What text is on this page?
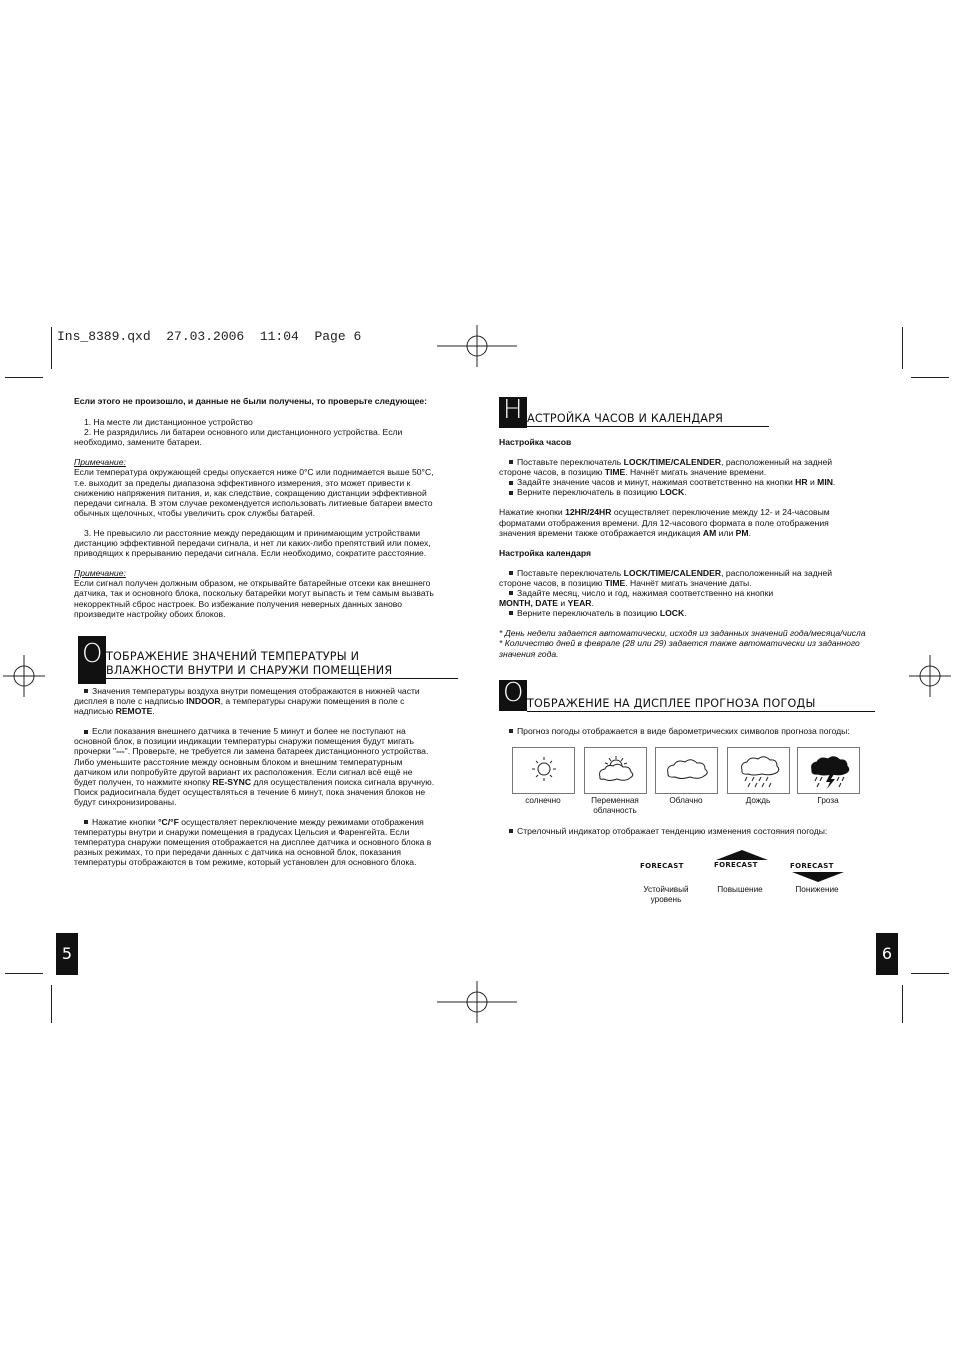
Ins_8389.qxd  27.03.2006  11:04  Page 6

Если этого не произошло, и данные не были получены, то проверьте следующее:

1. На месте ли дистанционное устройство

2. Не разрядились ли батареи основного или дистанционного устройства. Если

необходимо, замените батареи.

Примечание:

Если температура окружающей среды опускается ниже 0°C или поднимается выше 50°C,

т.е. выходит за пределы диапазона эффективного измерения, это может привести к

снижению напряжения питания, и, как следствие, сокращению дистанции эффективной

передачи сигнала. В этом случае рекомендуется использовать литиевые батареи вместо

обычных щелочных, чтобы увеличить срок службы батарей.

3. Не превысило ли расстояние между передающим и принимающим устройствами

дистанцию эффективной передачи сигнала, и нет ли каких-либо препятствий или помех,

приводящих к прерыванию передачи сигнала. Если необходимо, сократите расстояние.

Примечание:

Если сигнал получен должным образом, не открывайте батарейные отсеки как внешнего

датчика, так и основного блока, поскольку батарейки могут выпасть и тем самым вызвать

некорректный сброс настроек. Во избежание получения неверных данных заново

произведите настройку обоих блоков.

O ТОБРАЖЕНИЕ ЗНАЧЕНИЙ ТЕМПЕРАТУРЫ И
ВЛАЖНОСТИ ВНУТРИ И СНАРУЖИ ПОМЕЩЕНИЯ

Значения температуры воздуха внутри помещения отображаются в нижней части

дисплея в поле с надписью INDOOR, а температуры снаружи помещения в поле с

надписью REMOTE.

Если показания внешнего датчика в течение 5 минут и более не поступают на

основной блок, в позиции индикации температуры снаружи помещения будут мигать

прочерки "---". Проверьте, не требуется ли замена батареек дистанционного устройства.

Либо уменьшите расстояние между основным блоком и внешним температурным

датчиком или попробуйте другой вариант их расположения. Если сигнал всё ещё не

будет получен, то нажмите кнопку RE-SYNC для осуществления поиска сигнала вручную.

Поиск радиосигнала будет осуществляться в течение 6 минут, пока значения блоков не

будут синхронизированы.

Нажатие кнопки °C/°F осуществляет переключение между режимами отображения

температуры внутри и снаружи помещения в градусах Цельсия и Фаренгейта. Если

температура снаружи помещения отображается на дисплее датчика и основного блока в

разных режимах, то при передачи данных с датчика на основной блок, показания

температуры отображаются в том режиме, который установлен для основного блока.

5
H АСТРОЙКА ЧАСОВ И КАЛЕНДАРЯ

Настройка часов

Поставьте переключатель LOCK/TIME/CALENDER, расположенный на задней

стороне часов, в позицию TIME. Начнёт мигать значение времени.

Задайте значение часов и минут, нажимая соответственно на кнопки HR и MIN.

Верните переключатель в позицию LOCK.

Нажатие кнопки 12HR/24HR осуществляет переключение между 12- и 24-часовым

форматами отображения времени. Для 12-часового формата в поле отображения

значения времени также отображается индикация AM или PM.

Настройка календаря

Поставьте переключатель LOCK/TIME/CALENDER, расположенный на задней

стороне часов, в позицию TIME. Начнёт мигать значение даты.

Задайте месяц, число и год, нажимая соответственно на кнопки

MONTH, DATE и YEAR.

Верните переключатель в позицию LOCK.

* День недели задается автоматически, исходя из заданных значений года/месяца/числа

* Количество дней в феврале (28 или 29) задается также автоматически из заданного

значения года.

O ТОБРАЖЕНИЕ НА ДИСПЛЕЕ ПРОГНОЗА ПОГОДЫ

Прогноз погоды отображается в виде барометрических символов прогноза погоды:

солнечно	Переменная
облачность
Облачно	Дождь	Гроза

Стрелочный индикатор отображает тенденцию изменения состояния погоды:

FORECAST	FORECAST	FORECAST
Устойчивый
уровень
Повышение	Понижение
6
